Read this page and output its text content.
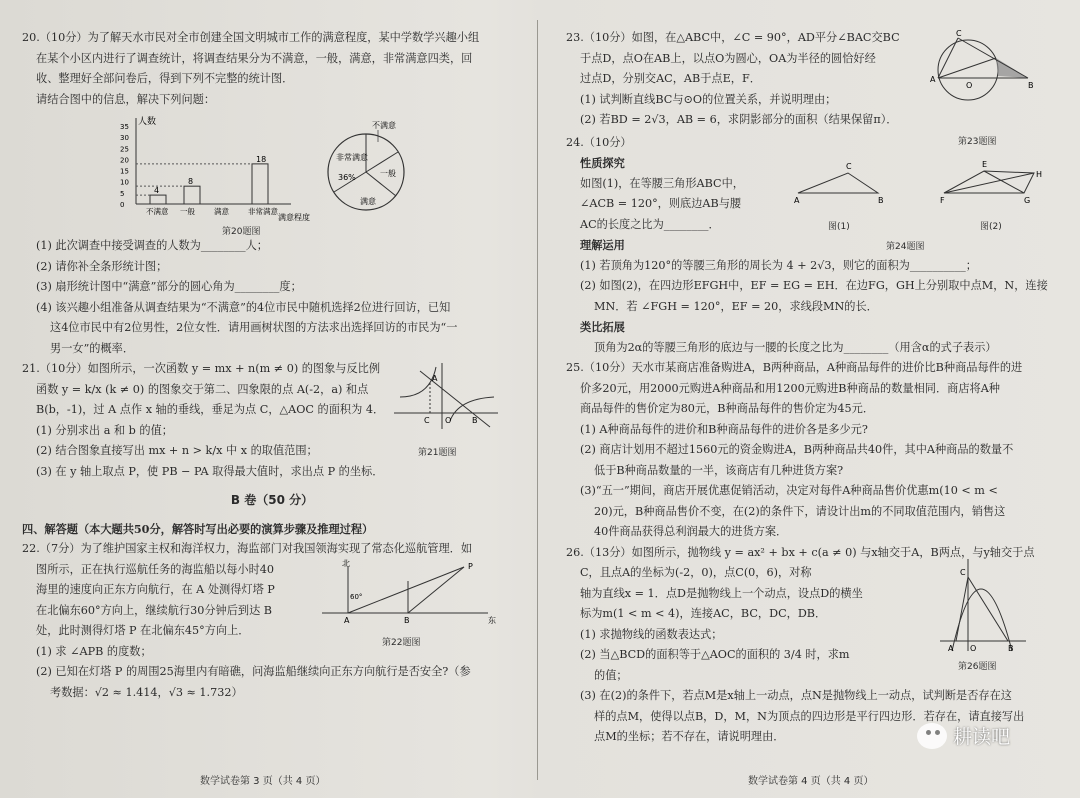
20.（10分）为了解天水市民对全市创建全国文明城市工作的满意程度，某中学数学兴趣小组

在某个小区内进行了调查统计，将调查结果分为不满意，一般，满意，非常满意四类，回

收、整理好全部问卷后，得到下列不完整的统计图．

请结合图中的信息，解决下列问题：

人数
满意程度
0
5
10
15
20
25
30
35
4
不满意
8
一般	满意
18
非常满意
不满意
一般
满意
非常满意
36%
第20题图

(1) 此次调查中接受调查的人数为________人；

(2) 请你补全条形统计图；

(3) 扇形统计图中“满意”部分的圆心角为________度；

(4) 该兴趣小组准备从调查结果为“不满意”的4位市民中随机选择2位进行回访，已知

这4位市民中有2位男性，2位女性．请用画树状图的方法求出选择回访的市民为“一

男一女”的概率．

21.（10分）如图所示，一次函数 y = mx + n(m ≠ 0) 的图象与反比例

函数 y = k/x (k ≠ 0) 的图象交于第二、四象限的点 A(-2，a) 和点

B(b，-1)，过 A 点作 x 轴的垂线，垂足为点 C，△AOC 的面积为 4．

(1) 分别求出 a 和 b 的值；

(2) 结合图象直接写出 mx + n > k/x 中 x 的取值范围；

(3) 在 y 轴上取点 P，使 PB − PA 取得最大值时，求出点 P 的坐标．

C O
A
B
第21题图
B 卷（50 分）

四、解答题（本大题共50分，解答时写出必要的演算步骤及推理过程）

22.（7分）为了维护国家主权和海洋权力，海监部门对我国领海实现了常态化巡航管理．如

图所示，正在执行巡航任务的海监船以每小时40

海里的速度向正东方向航行，在 A 处测得灯塔 P

在北偏东60°方向上，继续航行30分钟后到达 B

处，此时测得灯塔 P 在北偏东45°方向上．

(1) 求 ∠APB 的度数；

(2) 已知在灯塔 P 的周围25海里内有暗礁，问海监船继续向正东方向航行是否安全?（参

考数据：√2 ≈ 1.414，√3 ≈ 1.732）

北	P
A	B	东
60°
第22题图

23.（10分）如图，在△ABC中，∠C = 90°，AD平分∠BAC交BC

于点D，点O在AB上，以点O为圆心，OA为半径的圆恰好经

过点D，分别交AC，AB于点E，F．

(1) 试判断直线BC与⊙O的位置关系，并说明理由；

(2) 若BD = 2√3，AB = 6，求阴影部分的面积（结果保留π）．

C
A
B
O
第23题图

24.（10分）

性质探究

如图(1)，在等腰三角形ABC中，

∠ACB = 120°，则底边AB与腰

AC的长度之比为________．

理解运用

(1) 若顶角为120°的等腰三角形的周长为 4 + 2√3，则它的面积为__________；

(2) 如图(2)，在四边形EFGH中，EF = EG = EH．在边FG，GH上分别取中点M，N，连接

MN．若 ∠FGH = 120°，EF = 20，求线段MN的长．

类比拓展

顶角为2α的等腰三角形的底边与一腰的长度之比为________（用含α的式子表示）

A	B
C
F
E
H
G
图(1)	图(2)
第24题图

25.（10分）天水市某商店准备购进A，B两种商品，A种商品每件的进价比B种商品每件的进

价多20元，用2000元购进A种商品和用1200元购进B种商品的数量相同．商店将A种

商品每件的售价定为80元，B种商品每件的售价定为45元．

(1) A种商品每件的进价和B种商品每件的进价各是多少元?

(2) 商店计划用不超过1560元的资金购进A，B两种商品共40件，其中A种商品的数量不

低于B种商品数量的一半，该商店有几种进货方案?

(3)“五一”期间，商店开展优惠促销活动，决定对每件A种商品售价优惠m(10 < m <

20)元，B种商品售价不变，在(2)的条件下，请设计出m的不同取值范围内，销售这

40件商品获得总利润最大的进货方案．

26.（13分）如图所示，抛物线 y = ax² + bx + c(a ≠ 0) 与x轴交于A，B两点，与y轴交于点

C，且点A的坐标为(-2，0)，点C(0，6)，对称

轴为直线x = 1．点D是抛物线上一个动点，设点D的横坐

标为m(1 < m < 4)，连接AC，BC，DC，DB．

(1) 求抛物线的函数表达式；

(2) 当△BCD的面积等于△AOC的面积的 3/4 时，求m

的值；

(3) 在(2)的条件下，若点M是x轴上一动点，点N是抛物线上一动点，试判断是否存在这

样的点M，使得以点B，D，M，N为顶点的四边形是平行四边形．若存在，请直接写出

点M的坐标；若不存在，请说明理由．

A O	B
C
第26题图
数学试卷第 3 页（共 4 页）	数学试卷第 4 页（共 4 页）
耕读吧
